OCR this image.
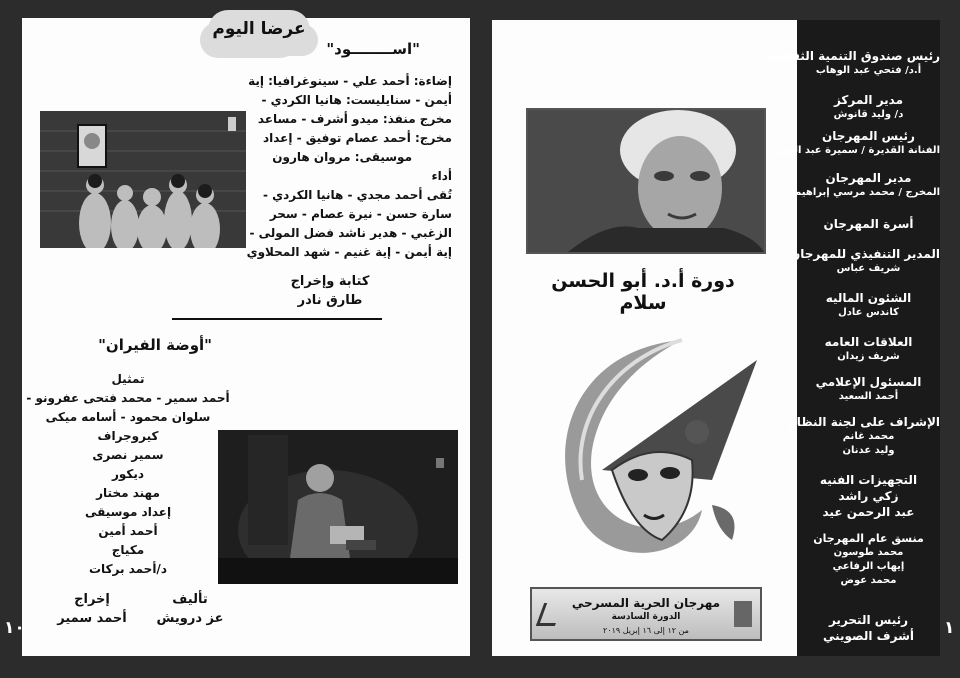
عرضا اليوم
"اســــــــود"
إضاءة: أحمد علي - سينوغرافيا: إية
أيمن - سنايليست: هانيا الكردي -
مخرج منفذ: ميدو أشرف - مساعد
مخرج: أحمد عصام توفيق - إعداد
موسيقى: مروان هارون
أداء
تُقى أحمد مجدي - هانيا الكردي -
سارة حسن - نيرة عصام - سحر
الزغبي - هدير ناشد فضل المولى -
إية أيمن - إية غنيم - شهد المحلاوي
كتابة وإخراج
طارق نادر
"أوضة الفيران"
تمثيل
أحمد سمير - محمد فتحى عفرونو -
سلوان محمود - أسامه ميكى
كيروجراف
سمير نصرى
ديكور
مهند مختار
إعداد موسيقى
أحمد أمين
مكياج
د/أحمد بركات
تأليف
عز درويش
إخراج
أحمد سمير
دورة أ.د. أبو الحسن سلام
مهرجان الحرية المسرحي
الدورة السادسة
من ١٢ إلى ١٦ إبريل ٢٠١٩
رئيس صندوق التنمية الثقافية
أ.د/ فتحي عبد الوهاب
مدير المركز
د/ وليد قانوش
رئيس المهرجان
الفنانة القديرة / سميرة عبد العزيز
مدير المهرجان
المخرج / محمد مرسي إبراهيم
أسرة المهرجان
المدير التنفيذي للمهرجان
شريف عباس
الشئون الماليه
كاندس عادل
العلاقات العامه
شريف زيدان
المسئول الإعلامي
أحمد السعيد
الإشراف على لجنة النظام
محمد غانم
وليد عدنان
التجهيزات الفنيه
زكي راشد
عبد الرحمن عيد
منسق عام المهرجان
محمد طوسون
إيهاب الرفاعي
محمد عوض
رئيس التحرير
أشرف الصويني
١٠	١
